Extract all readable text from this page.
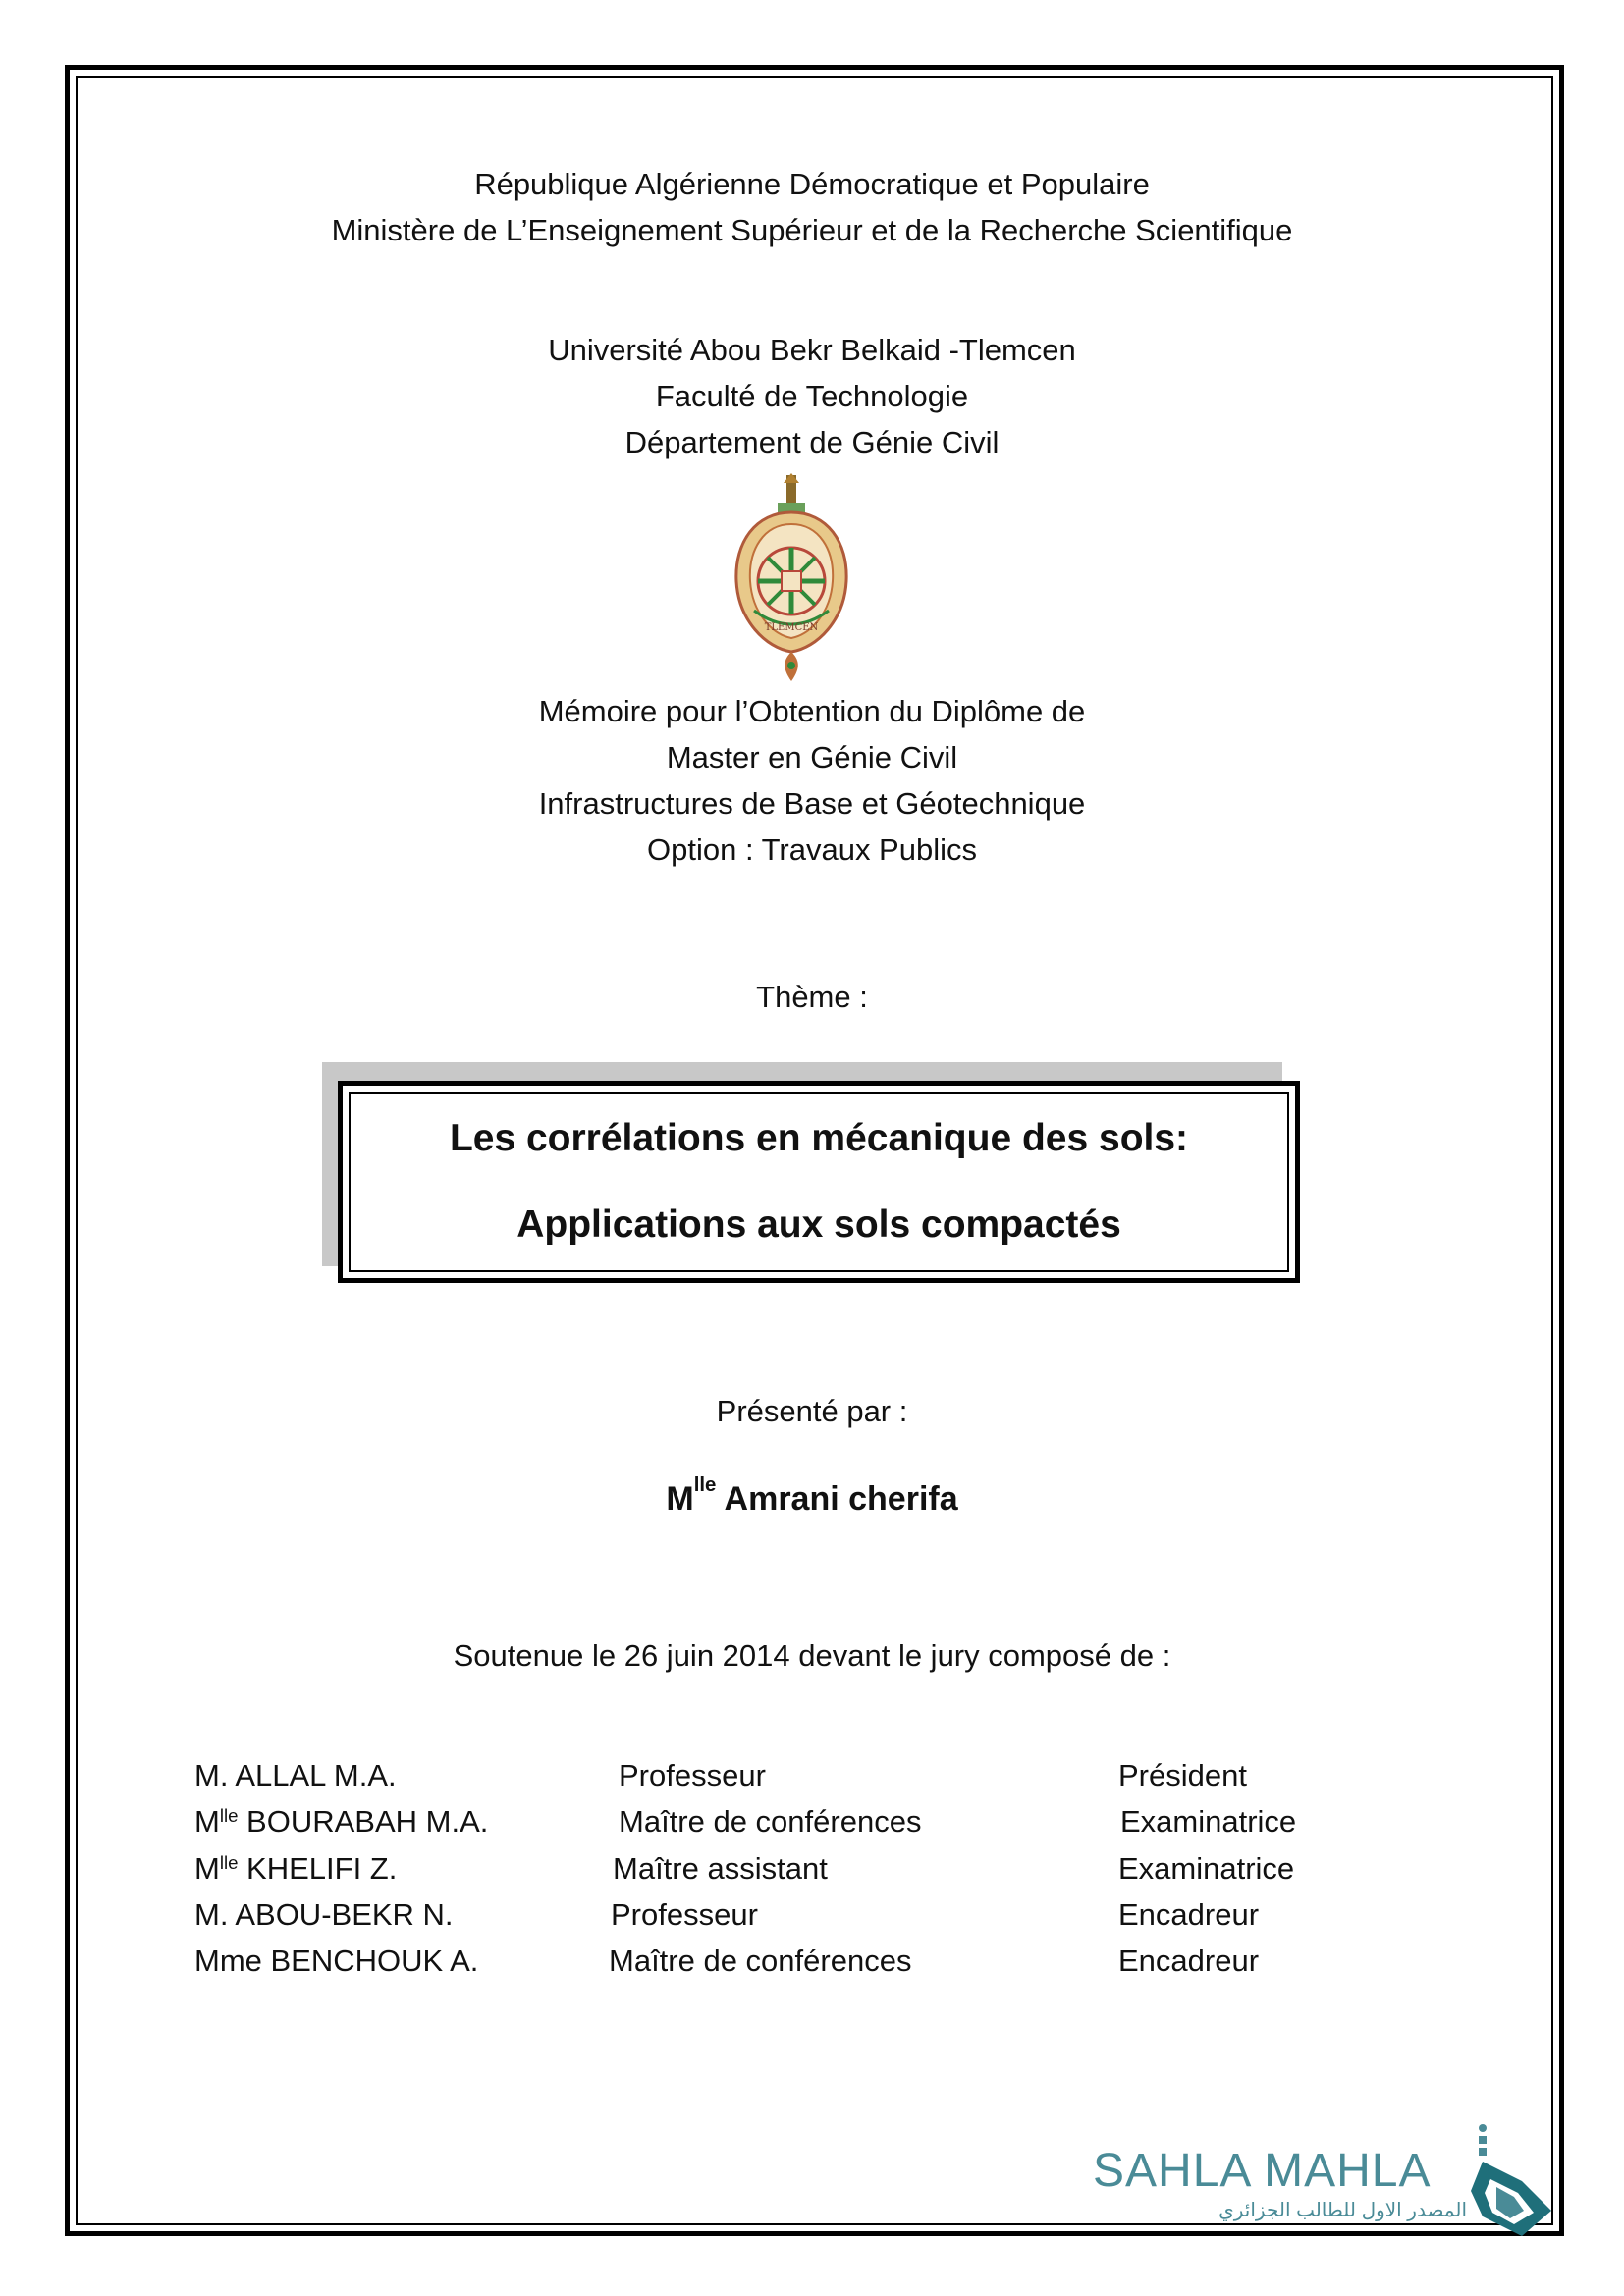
République Algérienne Démocratique et Populaire
Ministère de L’Enseignement Supérieur et de la Recherche Scientifique
Université Abou Bekr Belkaid -Tlemcen
Faculté de Technologie
Département de Génie Civil
TLEMCEN
Mémoire pour l’Obtention du Diplôme de
Master en Génie Civil
Infrastructures de Base et Géotechnique
Option : Travaux Publics
Thème :
Les corrélations en mécanique des sols:
Applications aux sols compactés
Présenté par :
$M^{lle}$ Amrani cherifa
Soutenue le 26 juin 2014 devant le jury composé de :
M. ALLAL M.A.	Professeur	Président
$M^{lle}$ BOURABAH M.A.	Maître de conférences	Examinatrice
$M^{lle}$ KHELIFI Z.	Maître assistant	Examinatrice
M. ABOU-BEKR N.	Professeur	Encadreur
Mme BENCHOUK A.	Maître de conférences	Encadreur
SAHLA MAHLA
المصدر الاول للطالب الجزائري
